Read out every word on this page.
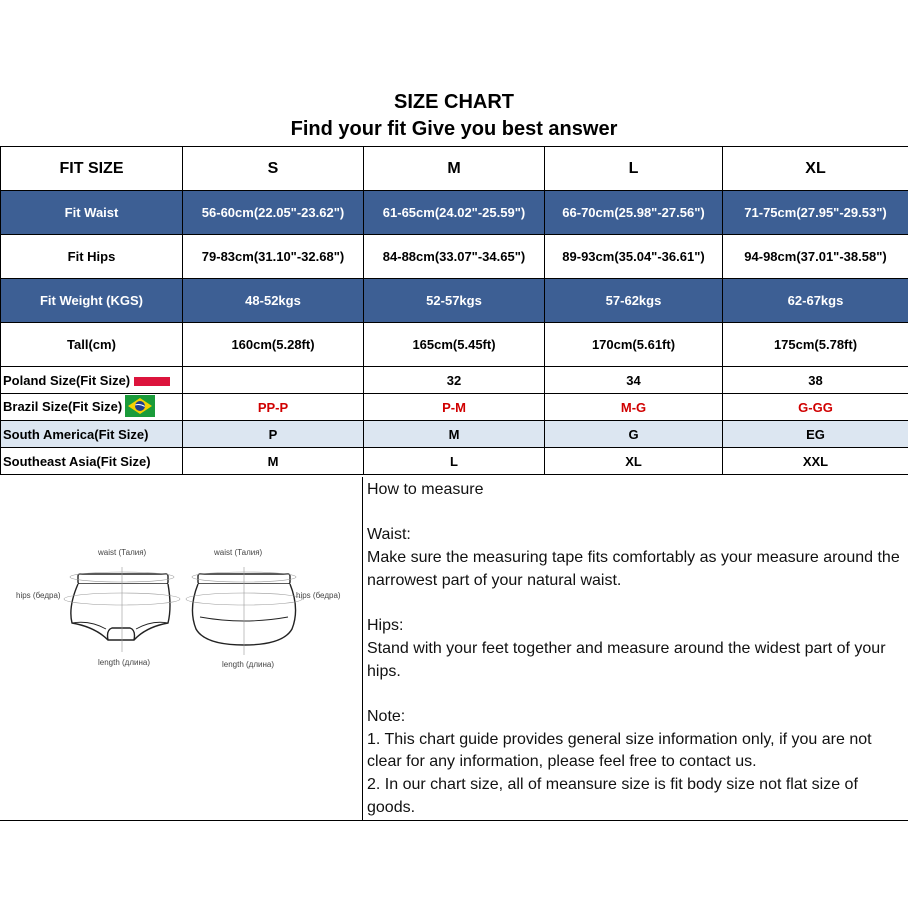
SIZE CHART
Find your fit Give you best answer
FIT SIZE	S	M	L	XL
Fit Waist	56-60cm(22.05"-23.62")	61-65cm(24.02"-25.59")	66-70cm(25.98"-27.56")	71-75cm(27.95"-29.53")
Fit Hips	79-83cm(31.10"-32.68")	84-88cm(33.07"-34.65")	89-93cm(35.04"-36.61")	94-98cm(37.01"-38.58")
Fit Weight (KGS)	48-52kgs	52-57kgs	57-62kgs	62-67kgs
Tall(cm)	160cm(5.28ft)	165cm(5.45ft)	170cm(5.61ft)	175cm(5.78ft)
Poland Size(Fit Size)		32	34	38
Brazil Size(Fit Size)	PP-P	P-M	M-G	G-GG
South America(Fit Size)	P	M	G	EG
Southeast Asia(Fit Size)	M	L	XL	XXL
waist (Талия)	waist (Талия)
hips (бедра)	hips (бедра)
length (длина)	length (длина)
How to measure

Waist:
Make sure the measuring tape fits comfortably as your measure around the narrowest part of your natural waist.

Hips:
Stand with your feet together and measure around the widest part of your hips.

Note:
1. This chart guide provides general size information only, if you are not clear for any information, please feel free to contact us.
2. In our chart size, all of meansure size is fit body size not flat size of goods.
